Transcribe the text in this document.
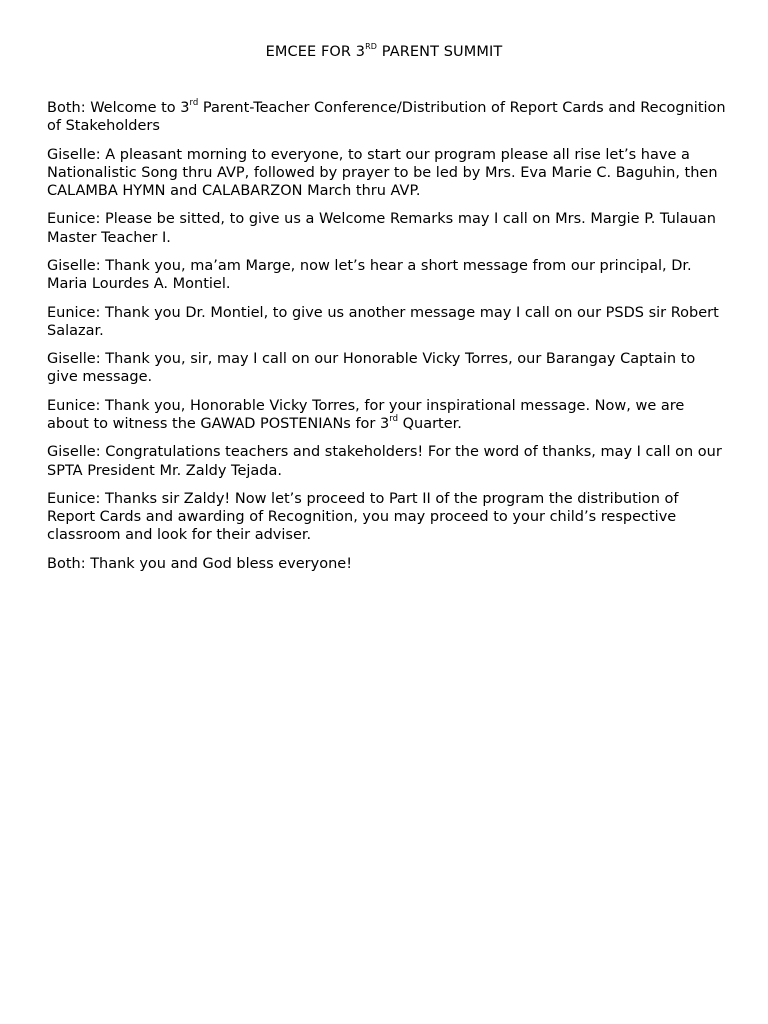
EMCEE FOR 3RD PARENT SUMMIT

Both: Welcome to 3rd Parent-Teacher Conference/Distribution of Report Cards and Recognition of Stakeholders

Giselle: A pleasant morning to everyone, to start our program please all rise let’s have a Nationalistic Song thru AVP, followed by prayer to be led by Mrs. Eva Marie C. Baguhin, then CALAMBA HYMN and CALABARZON March thru AVP.

Eunice: Please be sitted, to give us a Welcome Remarks may I call on Mrs. Margie P. Tulauan Master Teacher I.

Giselle: Thank you, ma’am Marge, now let’s hear a short message from our principal, Dr. Maria Lourdes A. Montiel.

Eunice: Thank you Dr. Montiel, to give us another message may I call on our PSDS sir Robert Salazar.

Giselle: Thank you, sir, may I call on our Honorable Vicky Torres, our Barangay Captain to give message.

Eunice: Thank you, Honorable Vicky Torres, for your inspirational message. Now, we are about to witness the GAWAD POSTENIANs for 3rd Quarter.

Giselle: Congratulations teachers and stakeholders! For the word of thanks, may I call on our SPTA President Mr. Zaldy Tejada.

Eunice: Thanks sir Zaldy! Now let’s proceed to Part II of the program the distribution of Report Cards and awarding of Recognition, you may proceed to your child’s respective classroom and look for their adviser.

Both: Thank you and God bless everyone!
